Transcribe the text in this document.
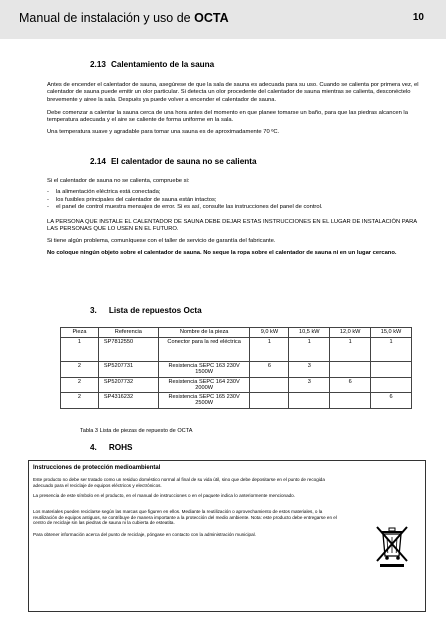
Manual de instalación y uso de OCTA	10
2.13 Calentamiento de la sauna

Antes de encender el calentador de sauna, asegúrese de que la sala de sauna es adecuada para su uso. Cuando se calienta por primera vez, el calentador de sauna puede emitir un olor particular. Si detecta un olor procedente del calentador de sauna mientras se calienta, desconéctelo brevemente y airee la sala. Después ya puede volver a encender el calentador de sauna.

Debe comenzar a calentar la sauna cerca de una hora antes del momento en que planee tomarse un baño, para que las piedras alcancen la temperatura adecuada y el aire se caliente de forma uniforme en la sala.

Una temperatura suave y agradable para tomar una sauna es de aproximadamente 70 ºC.

2.14 El calentador de sauna no se calienta

Si el calentador de sauna no se calienta, compruebe si:

- la alimentación eléctrica está conectada;
- los fusibles principales del calentador de sauna están intactos;
- el panel de control muestra mensajes de error. Si es así, consulte las instrucciones del panel de control.

LA PERSONA QUE INSTALE EL CALENTADOR DE SAUNA DEBE DEJAR ESTAS INSTRUCCIONES EN EL LUGAR DE INSTALACIÓN PARA LAS PERSONAS QUE LO USEN EN EL FUTURO.

Si tiene algún problema, comuníquese con el taller de servicio de garantía del fabricante.

No coloque ningún objeto sobre el calentador de sauna. No seque la ropa sobre el calentador de sauna ni en un lugar cercano.

3. Lista de repuestos Octa
Pieza	Referencia	Nombre de la pieza	9,0 kW	10,5 kW	12,0 kW	15,0 kW
1	SP7812550	Conector para la red eléctrica	1	1	1	1
2	SP5207731	Resistencia SEPC 163 230V 1500W	6	3		
2	SP5207732	Resistencia SEPC 164 230V 2000W		3	6	
2	SP4316232	Resistencia SEPC 165 230V 2500W				6
Tabla 3 Lista de piezas de repuesto de OCTA
4. ROHS
Instrucciones de protección medioambiental

Este producto no debe ser tratado como un residuo doméstico normal al final de su vida útil, sino que debe depositarse en el punto de recogida adecuado para el reciclaje de equipos eléctricos y electrónicos.

La presencia de este símbolo en el producto, en el manual de instrucciones o en el paquete indica lo anteriormente mencionado.

Los materiales pueden reciclarse según las marcas que figuren en ellos. Mediante la reutilización o aprovechamiento de estos materiales, o la reutilización de equipos antiguos, se contribuye de manera importante a la protección del medio ambiente. Nota: este producto debe entregarse en el centro de reciclaje sin las piedras de sauna ni la cubierta de esteatita.

Para obtener información acerca del punto de reciclaje, póngase en contacto con la administración municipal.
